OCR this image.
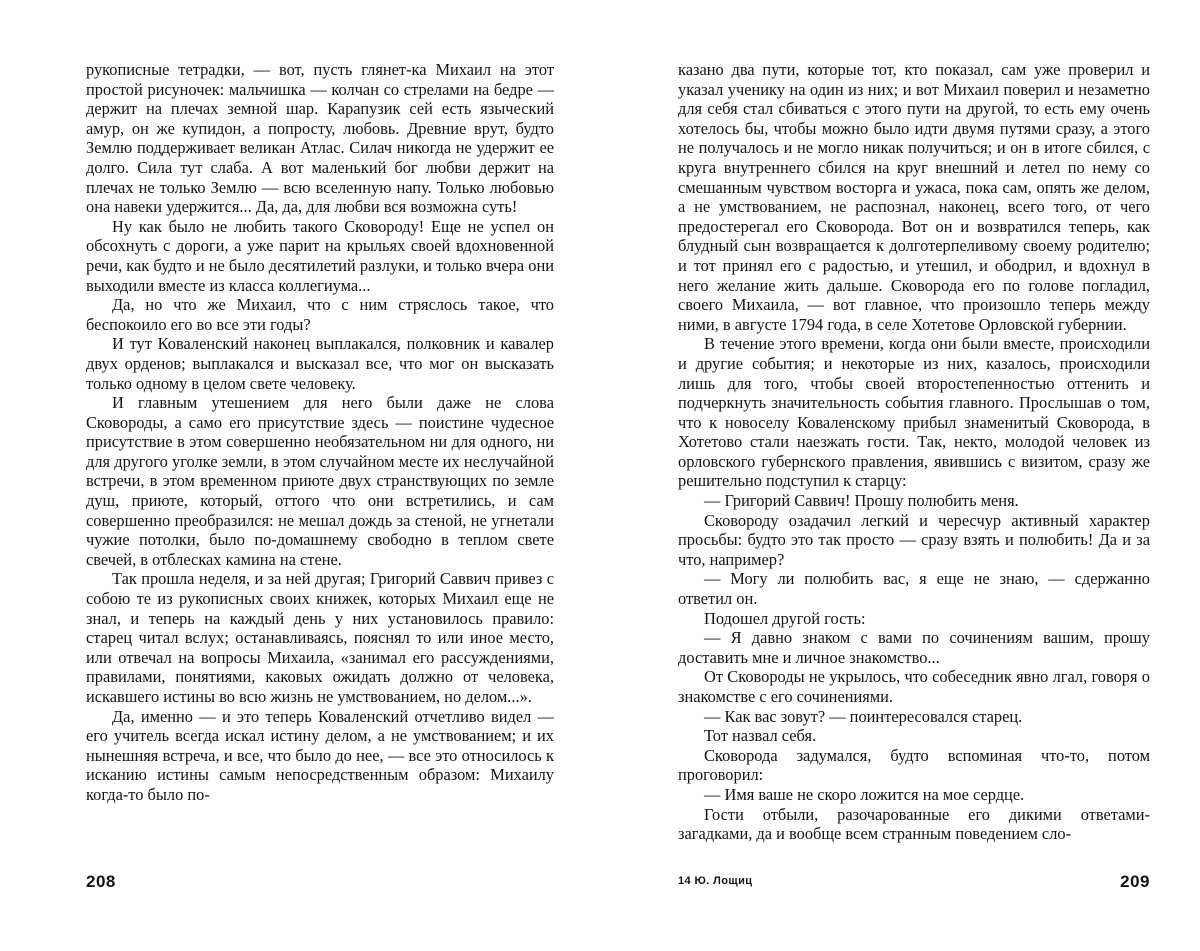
рукописные тетрадки, — вот, пусть глянет-ка Михаил на этот простой рисуночек: мальчишка — колчан со стрелами на бедре — держит на плечах земной шар. Карапузик сей есть языческий амур, он же купидон, а попросту, любовь. Древние врут, будто Землю поддерживает великан Атлас. Силач никогда не удержит ее долго. Сила тут слаба. А вот маленький бог любви держит на плечах не только Землю — всю вселенную напу. Только любовью она навеки удержится... Да, да, для любви вся возможна суть!

Ну как было не любить такого Сковороду! Еще не успел он обсохнуть с дороги, а уже парит на крыльях своей вдохновенной речи, как будто и не было десятилетий разлуки, и только вчера они выходили вместе из класса коллегиума...

Да, но что же Михаил, что с ним стряслось такое, что беспокоило его во все эти годы?

И тут Коваленский наконец выплакался, полковник и кавалер двух орденов; выплакался и высказал все, что мог он высказать только одному в целом свете человеку.

И главным утешением для него были даже не слова Сковороды, а само его присутствие здесь — поистине чудесное присутствие в этом совершенно необязательном ни для одного, ни для другого уголке земли, в этом случайном месте их неслучайной встречи, в этом временном приюте двух странствующих по земле душ, приюте, который, оттого что они встретились, и сам совершенно преобразился: не мешал дождь за стеной, не угнетали чужие потолки, было по-домашнему свободно в теплом свете свечей, в отблесках камина на стене.

Так прошла неделя, и за ней другая; Григорий Саввич привез с собою те из рукописных своих книжек, которых Михаил еще не знал, и теперь на каждый день у них установилось правило: старец читал вслух; останавливаясь, пояснял то или иное место, или отвечал на вопросы Михаила, «занимал его рассуждениями, правилами, понятиями, каковых ожидать должно от человека, искавшего истины во всю жизнь не умствованием, но делом...».

Да, именно — и это теперь Коваленский отчетливо видел — его учитель всегда искал истину делом, а не умствованием; и их нынешняя встреча, и все, что было до нее, — все это относилось к исканию истины самым непосредственным образом: Михаилу когда-то было по-

казано два пути, которые тот, кто показал, сам уже проверил и указал ученику на один из них; и вот Михаил поверил и незаметно для себя стал сбиваться с этого пути на другой, то есть ему очень хотелось бы, чтобы можно было идти двумя путями сразу, а этого не получалось и не могло никак получиться; и он в итоге сбился, с круга внутреннего сбился на круг внешний и летел по нему со смешанным чувством восторга и ужаса, пока сам, опять же делом, а не умствованием, не распознал, наконец, всего того, от чего предостерегал его Сковорода. Вот он и возвратился теперь, как блудный сын возвращается к долготерпеливому своему родителю; и тот принял его с радостью, и утешил, и ободрил, и вдохнул в него желание жить дальше. Сковорода его по голове погладил, своего Михаила, — вот главное, что произошло теперь между ними, в августе 1794 года, в селе Хотетове Орловской губернии.

В течение этого времени, когда они были вместе, происходили и другие события; и некоторые из них, казалось, происходили лишь для того, чтобы своей второстепенностью оттенить и подчеркнуть значительность события главного. Прослышав о том, что к новоселу Коваленскому прибыл знаменитый Сковорода, в Хотетово стали наезжать гости. Так, некто, молодой человек из орловского губернского правления, явившись с визитом, сразу же решительно подступил к старцу:

— Григорий Саввич! Прошу полюбить меня.

Сковороду озадачил легкий и чересчур активный характер просьбы: будто это так просто — сразу взять и полюбить! Да и за что, например?

— Могу ли полюбить вас, я еще не знаю, — сдержанно ответил он.

Подошел другой гость:

— Я давно знаком с вами по сочинениям вашим, прошу доставить мне и личное знакомство...

От Сковороды не укрылось, что собеседник явно лгал, говоря о знакомстве с его сочинениями.

— Как вас зовут? — поинтересовался старец.

Тот назвал себя.

Сковорода задумался, будто вспоминая что-то, потом проговорил:

— Имя ваше не скоро ложится на мое сердце.

Гости отбыли, разочарованные его дикими ответами-загадками, да и вообще всем странным поведением сло-

208	14 Ю. Лощиц	209
